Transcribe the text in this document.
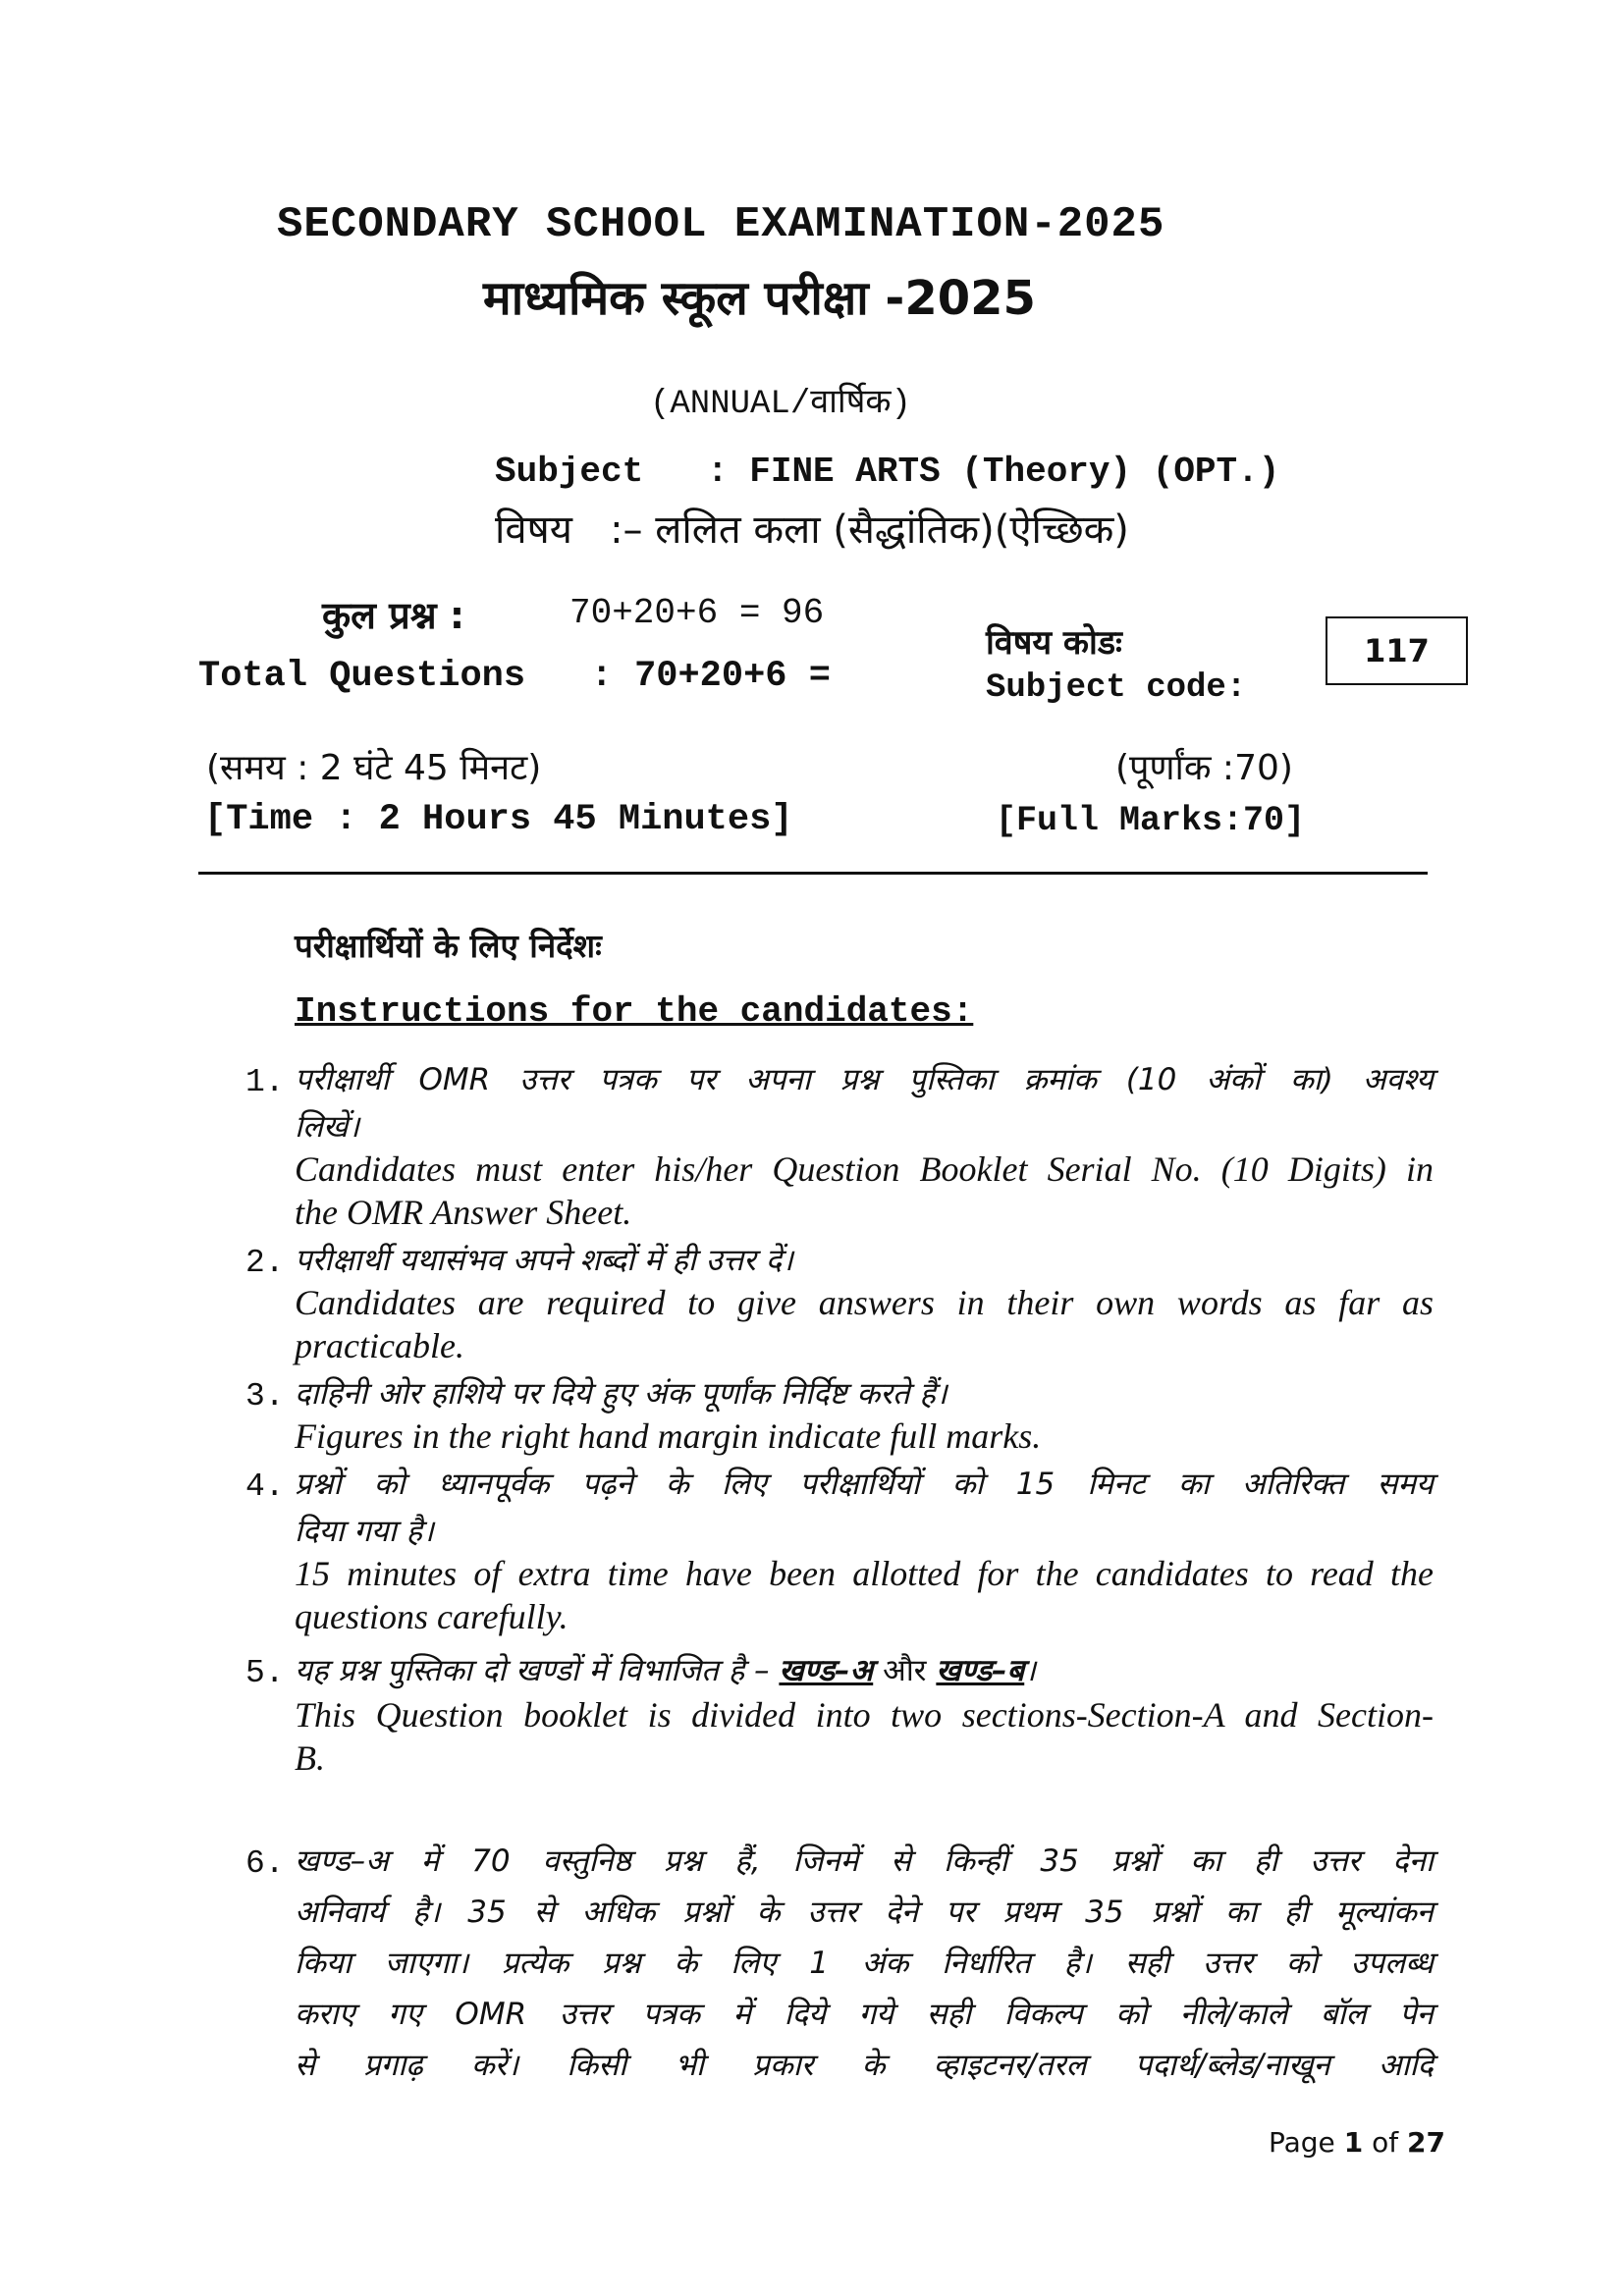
SECONDARY SCHOOL EXAMINATION-2025
माध्यमिक स्कूल परीक्षा -2025
(ANNUAL/वार्षिक)
Subject   : FINE ARTS (Theory) (OPT.)
विषय   :– ललित कला (सैद्धांतिक)(ऐच्छिक)
कुल प्रश्न :	70+20+6 = 96
Total Questions   : 70+20+6 =
विषय कोडः
Subject code:
117
(समय : 2 घंटे 45 मिनट)	(पूर्णांक :70)
[Time : 2 Hours 45 Minutes]	[Full Marks:70]
परीक्षार्थियों के लिए निर्देशः
Instructions for the candidates:
1. परीक्षार्थी OMR उत्तर पत्रक पर अपना प्रश्न पुस्तिका क्रमांक (10 अंकों का) अवश्य
लिखें।
Candidates must enter his/her Question Booklet Serial No. (10 Digits) in
the OMR Answer Sheet.
2. परीक्षार्थी यथासंभव अपने शब्दों में ही उत्तर दें।
Candidates are required to give answers in their own words as far as
practicable.
3. दाहिनी ओर हाशिये पर दिये हुए अंक पूर्णांक निर्दिष्ट करते हैं।
Figures in the right hand margin indicate full marks.
4. प्रश्नों को ध्यानपूर्वक पढ़ने के लिए परीक्षार्थियों को 15 मिनट का अतिरिक्त समय
दिया गया है।
15 minutes of extra time have been allotted for the candidates to read the
questions carefully.
5. यह प्रश्न पुस्तिका दो खण्डों में विभाजित है – खण्ड–अ और खण्ड–ब।
This Question booklet is divided into two sections-Section-A and Section-
B.
6. खण्ड–अ में 70 वस्तुनिष्ठ प्रश्न हैं, जिनमें से किन्हीं 35 प्रश्नों का ही उत्तर देना
अनिवार्य है। 35 से अधिक प्रश्नों के उत्तर देने पर प्रथम 35 प्रश्नों का ही मूल्यांकन
किया जाएगा। प्रत्येक प्रश्न के लिए 1 अंक निर्धारित है। सही उत्तर को उपलब्ध
कराए गए OMR उत्तर पत्रक में दिये गये सही विकल्प को नीले/काले बॉल पेन
से प्रगाढ़ करें। किसी भी प्रकार के व्हाइटनर/तरल पदार्थ/ब्लेड/नाखून आदि
Page 1 of 27
